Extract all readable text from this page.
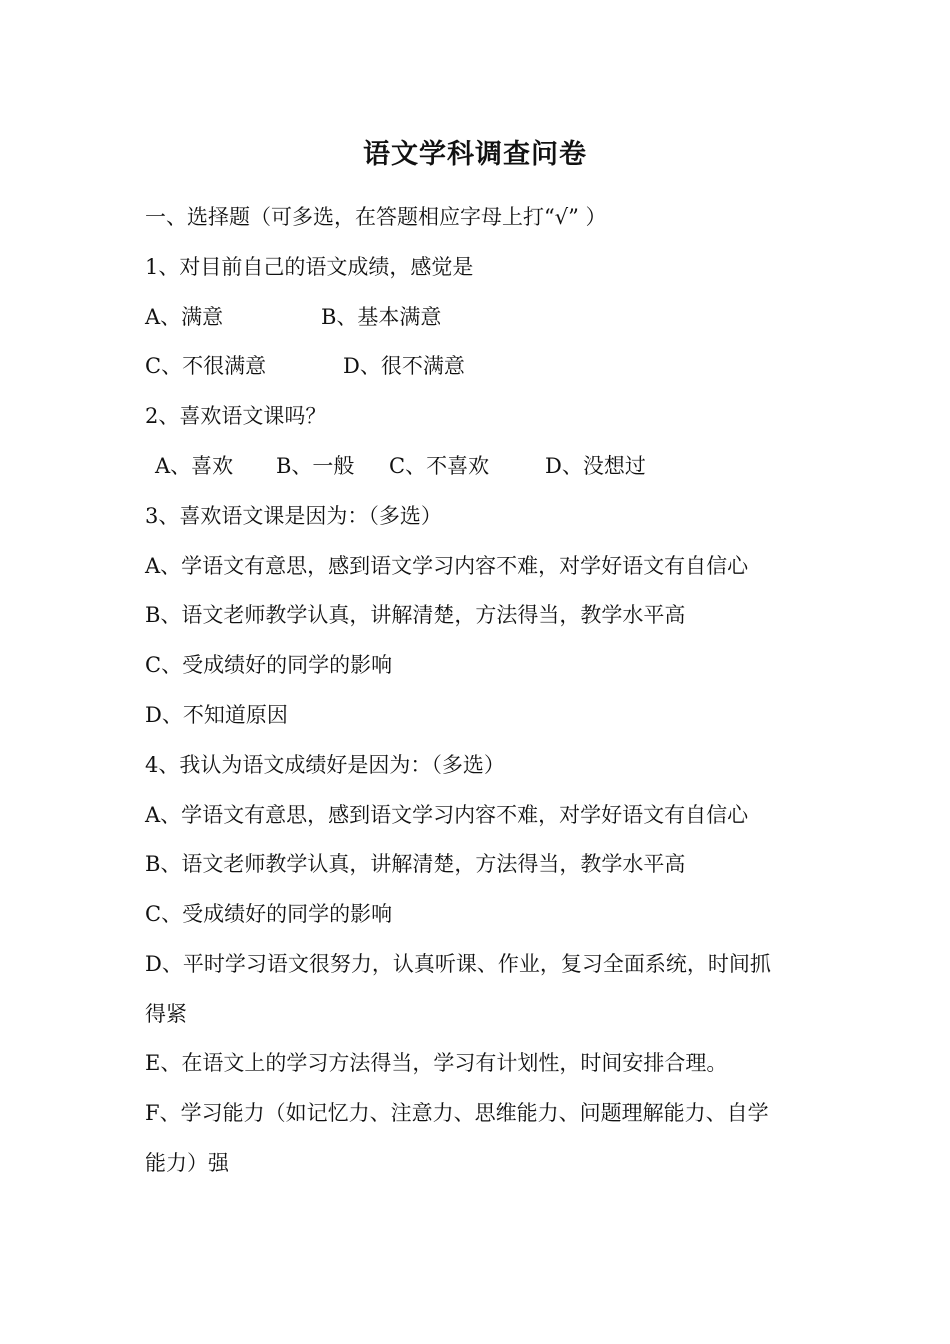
语文学科调查问卷
一、选择题（可多选，在答题相应字母上打“√” ）
1、对目前自己的语文成绩，感觉是
A、满意	B、基本满意
C、不很满意	D、很不满意
2、喜欢语文课吗？
A、喜欢 B、一般 C、不喜欢	D、没想过
3、喜欢语文课是因为：（多选）
A、学语文有意思，感到语文学习内容不难，对学好语文有自信心
B、语文老师教学认真，讲解清楚，方法得当，教学水平高
C、受成绩好的同学的影响
D、不知道原因
4、我认为语文成绩好是因为：（多选）
A、学语文有意思，感到语文学习内容不难，对学好语文有自信心
B、语文老师教学认真，讲解清楚，方法得当，教学水平高
C、受成绩好的同学的影响
D、平时学习语文很努力，认真听课、作业，复习全面系统，时间抓
得紧
E、在语文上的学习方法得当，学习有计划性，时间安排合理。
F、学习能力（如记忆力、注意力、思维能力、问题理解能力、自学
能力）强
